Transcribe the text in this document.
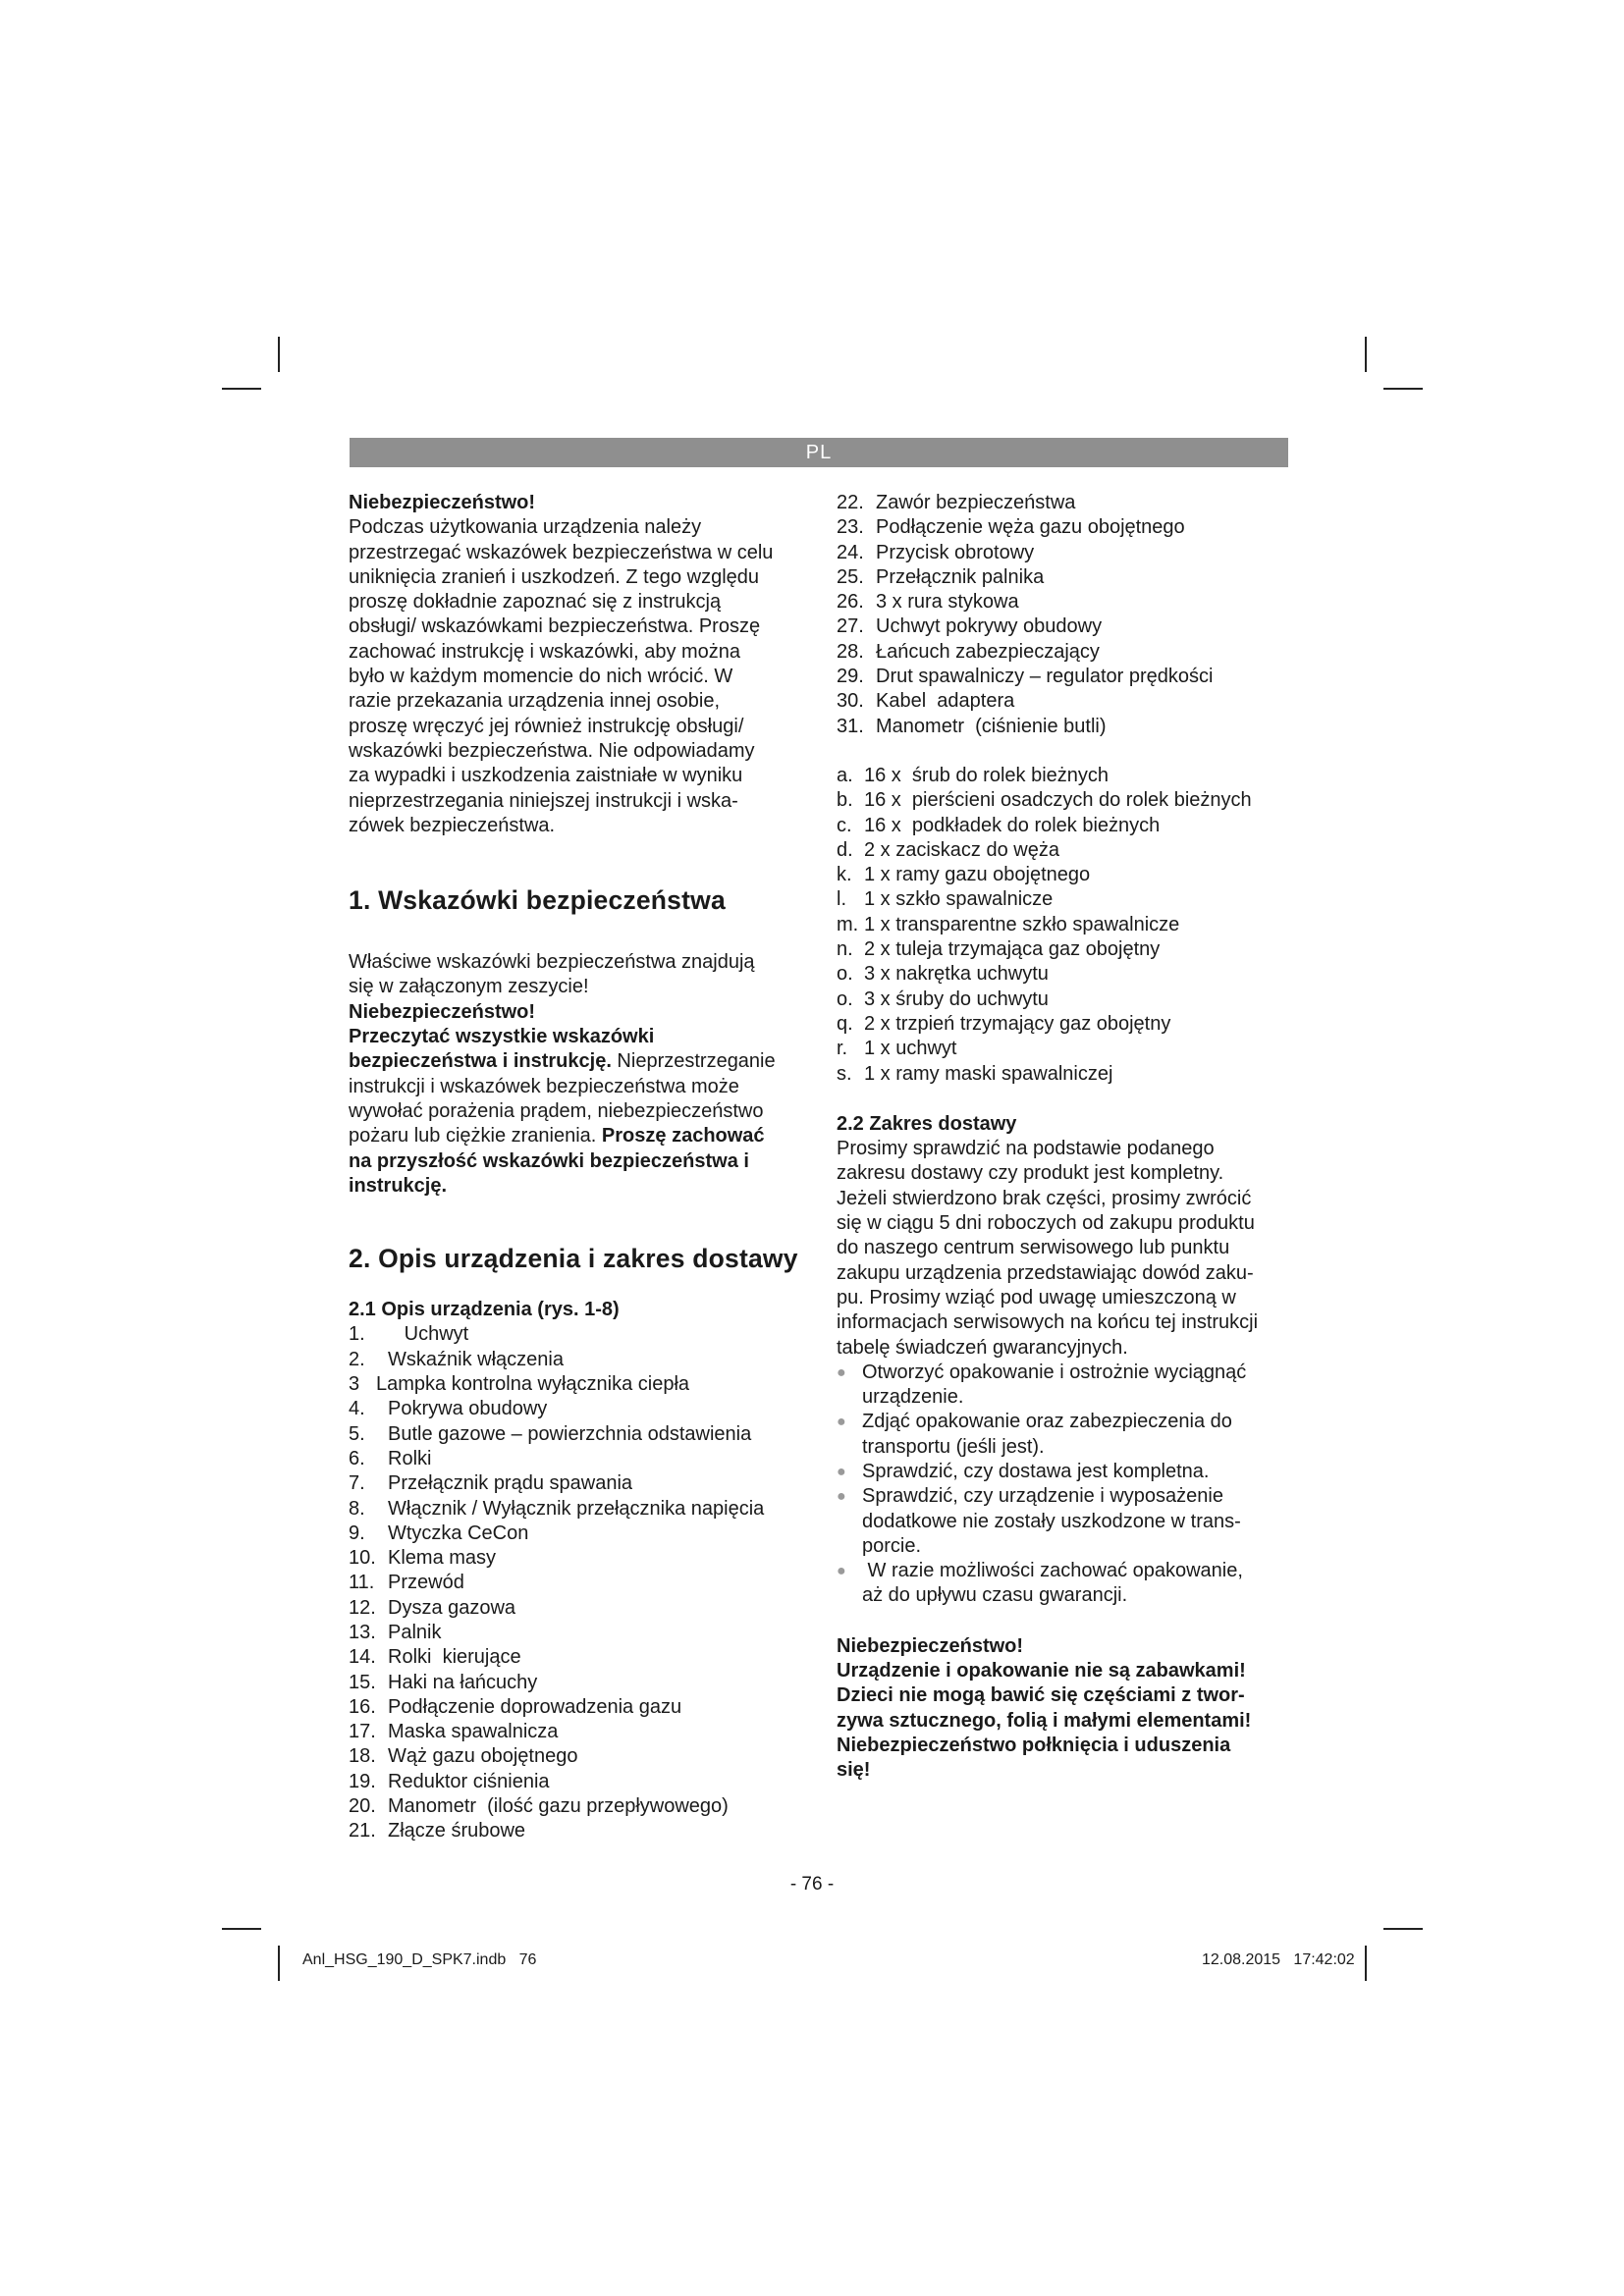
PL

Niebezpieczeństwo!

Podczas użytkowania urządzenia należy

przestrzegać wskazówek bezpieczeństwa w celu

uniknięcia zranień i uszkodzeń. Z tego względu

proszę dokładnie zapoznać się z instrukcją

obsługi/ wskazówkami bezpieczeństwa. Proszę

zachować instrukcję i wskazówki, aby można

było w każdym momencie do nich wrócić. W

razie przekazania urządzenia innej osobie,

proszę wręczyć jej również instrukcję obsługi/

wskazówki bezpieczeństwa. Nie odpowiadamy

za wypadki i uszkodzenia zaistniałe w wyniku

nieprzestrzegania niniejszej instrukcji i wska-

zówek bezpieczeństwa.

1. Wskazówki bezpieczeństwa

Właściwe wskazówki bezpieczeństwa znajdują

się w załączonym zeszycie!

Niebezpieczeństwo!

Przeczytać wszystkie wskazówki

bezpieczeństwa i instrukcję. Nieprzestrzeganie

instrukcji i wskazówek bezpieczeństwa może

wywołać porażenia prądem, niebezpieczeństwo

pożaru lub ciężkie zranienia. Proszę zachować

na przyszłość wskazówki bezpieczeństwa i

instrukcję.

2. Opis urządzenia i zakres dostawy
2.1 Opis urządzenia (rys. 1-8)
1.	Uchwyt
2.	Wskaźnik włączenia
3 Lampka kontrolna wyłącznika ciepła
4.	Pokrywa obudowy
5.	Butle gazowe – powierzchnia odstawienia
6.	Rolki
7.	Przełącznik prądu spawania
8.	Włącznik / Wyłącznik przełącznika napięcia
9.	Wtyczka CeCon
10. Klema masy
11. Przewód
12. Dysza gazowa
13. Palnik
14. Rolki  kierujące
15. Haki na łańcuchy
16. Podłączenie doprowadzenia gazu
17. Maska spawalnicza
18. Wąż gazu obojętnego
19. Reduktor ciśnienia
20. Manometr  (ilość gazu przepływowego)
21. Złącze śrubowe
22. Zawór bezpieczeństwa
23. Podłączenie węża gazu obojętnego
24. Przycisk obrotowy
25. Przełącznik palnika
26. 3 x rura stykowa
27. Uchwyt pokrywy obudowy
28. Łańcuch zabezpieczający
29. Drut spawalniczy – regulator prędkości
30. Kabel  adaptera
31. Manometr  (ciśnienie butli)
a. 16 x  śrub do rolek bieżnych
b. 16 x  pierścieni osadczych do rolek bieżnych
c. 16 x  podkładek do rolek bieżnych
d. 2 x zaciskacz do węża
k. 1 x ramy gazu obojętnego
l. 1 x szkło spawalnicze
m. 1 x transparentne szkło spawalnicze
n. 2 x tuleja trzymająca gaz obojętny
o. 3 x nakrętka uchwytu
o. 3 x śruby do uchwytu
q. 2 x trzpień trzymający gaz obojętny
r. 1 x uchwyt
s. 1 x ramy maski spawalniczej
2.2 Zakres dostawy

Prosimy sprawdzić na podstawie podanego

zakresu dostawy czy produkt jest kompletny.

Jeżeli stwierdzono brak części, prosimy zwrócić

się w ciągu 5 dni roboczych od zakupu produktu

do naszego centrum serwisowego lub punktu

zakupu urządzenia przedstawiając dowód zaku-

pu. Prosimy wziąć pod uwagę umieszczoną w

informacjach serwisowych na końcu tej instrukcji

tabelę świadczeń gwarancyjnych.

● Otworzyć opakowanie i ostrożnie wyciągnąć

urządzenie.

● Zdjąć opakowanie oraz zabezpieczenia do

transportu (jeśli jest).

● Sprawdzić, czy dostawa jest kompletna.

● Sprawdzić, czy urządzenie i wyposażenie

dodatkowe nie zostały uszkodzone w trans-

porcie.

● W razie możliwości zachować opakowanie,

aż do upływu czasu gwarancji.

Niebezpieczeństwo!

Urządzenie i opakowanie nie są zabawkami!

Dzieci nie mogą bawić się częściami z twor-

zywa sztucznego, folią i małymi elementami!

Niebezpieczeństwo połknięcia i uduszenia

się!

- 76 -
Anl_HSG_190_D_SPK7.indb   76	12.08.2015   17:42:02
